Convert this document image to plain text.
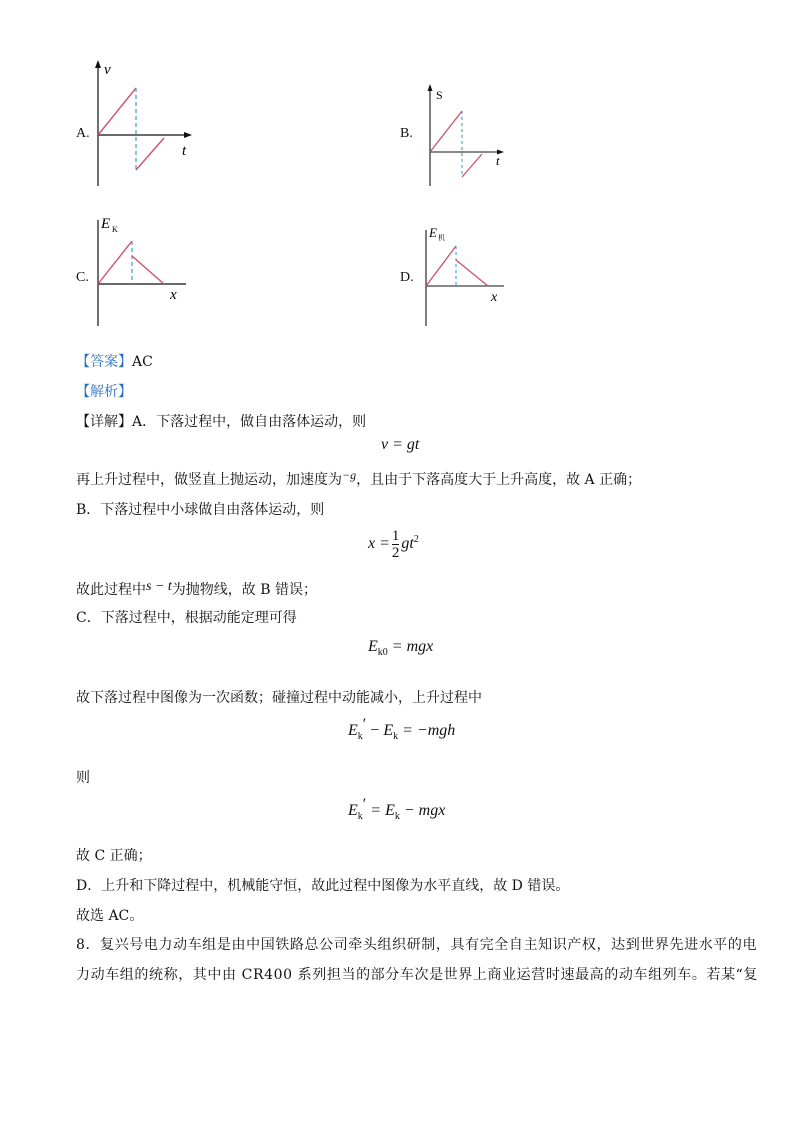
A.
v
t
B.
S
t
C.
E K
x
D.
E 机
x
【答案】AC
【解析】
【详解】A．下落过程中，做自由落体运动，则
v = gt
再上升过程中，做竖直上抛运动，加速度为−g，且由于下落高度大于上升高度，故 A 正确；
B．下落过程中小球做自由落体运动，则
$x = \frac{1}{2} gt^2$
故此过程中s − t为抛物线，故 B 错误；
C．下落过程中，根据动能定理可得
$E_{k0}$ = mgx
故下落过程中图像为一次函数；碰撞过程中动能减小，上升过程中
$E_k' - E_k = -mgh$
则
$E_k' = E_k$ − mgx
故 C 正确；
D．上升和下降过程中，机械能守恒，故此过程中图像为水平直线，故 D 错误。
故选 AC。
8．复兴号电力动车组是由中国铁路总公司牵头组织研制，具有完全自主知识产权，达到世界先进水平的电
力动车组的统称，其中由 CR400 系列担当的部分车次是世界上商业运营时速最高的动车组列车。若某“复
